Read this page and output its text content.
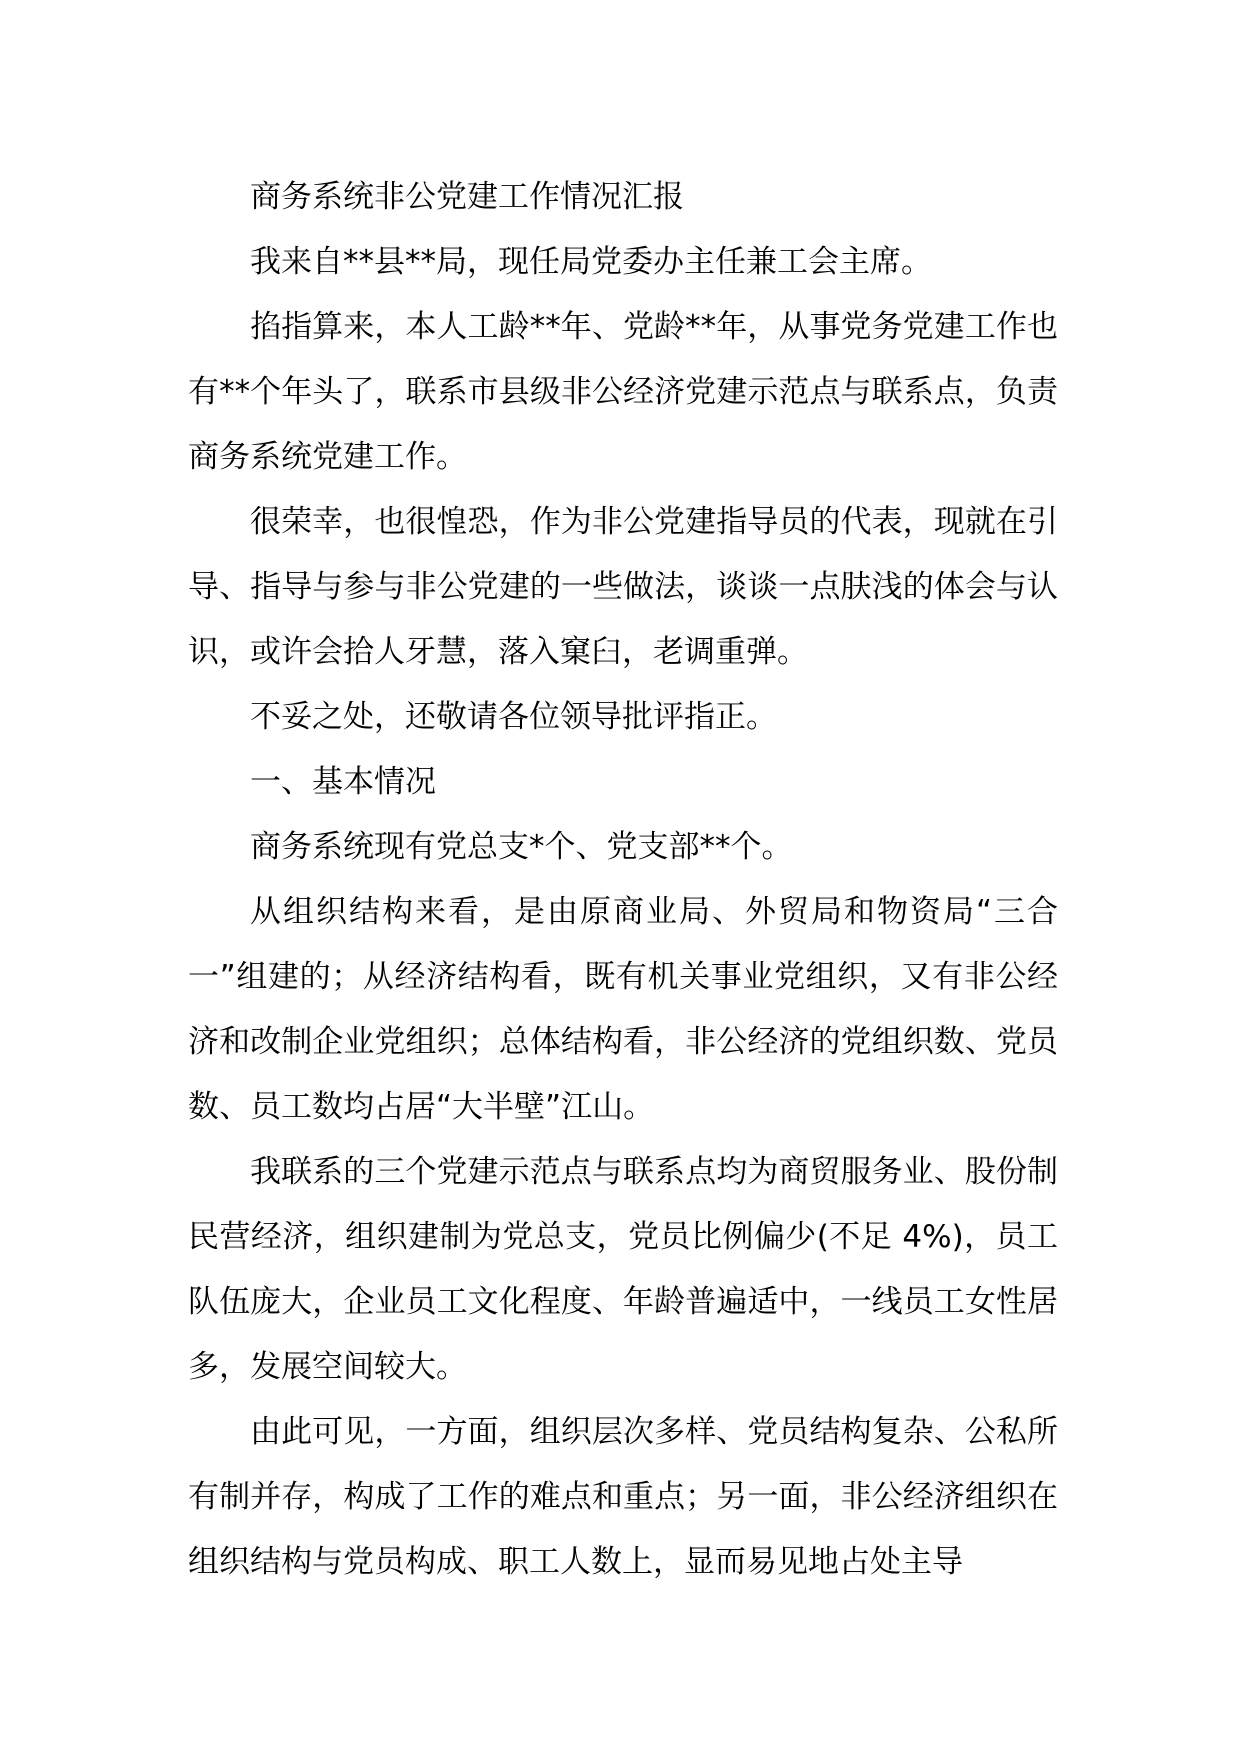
商务系统非公党建工作情况汇报

我来自**县**局，现任局党委办主任兼工会主席。

掐指算来，本人工龄**年、党龄**年，从事党务党建工作也有**个年头了，联系市县级非公经济党建示范点与联系点，负责商务系统党建工作。

很荣幸，也很惶恐，作为非公党建指导员的代表，现就在引导、指导与参与非公党建的一些做法，谈谈一点肤浅的体会与认识，或许会拾人牙慧，落入窠臼，老调重弹。

不妥之处，还敬请各位领导批评指正。

一、基本情况

商务系统现有党总支*个、党支部**个。

从组织结构来看，是由原商业局、外贸局和物资局“三合一”组建的；从经济结构看，既有机关事业党组织，又有非公经济和改制企业党组织；总体结构看，非公经济的党组织数、党员数、员工数均占居“大半壁”江山。

我联系的三个党建示范点与联系点均为商贸服务业、股份制民营经济，组织建制为党总支，党员比例偏少(不足 4%)，员工队伍庞大，企业员工文化程度、年龄普遍适中，一线员工女性居多，发展空间较大。

由此可见，一方面，组织层次多样、党员结构复杂、公私所有制并存，构成了工作的难点和重点；另一面，非公经济组织在组织结构与党员构成、职工人数上，显而易见地占处主导
